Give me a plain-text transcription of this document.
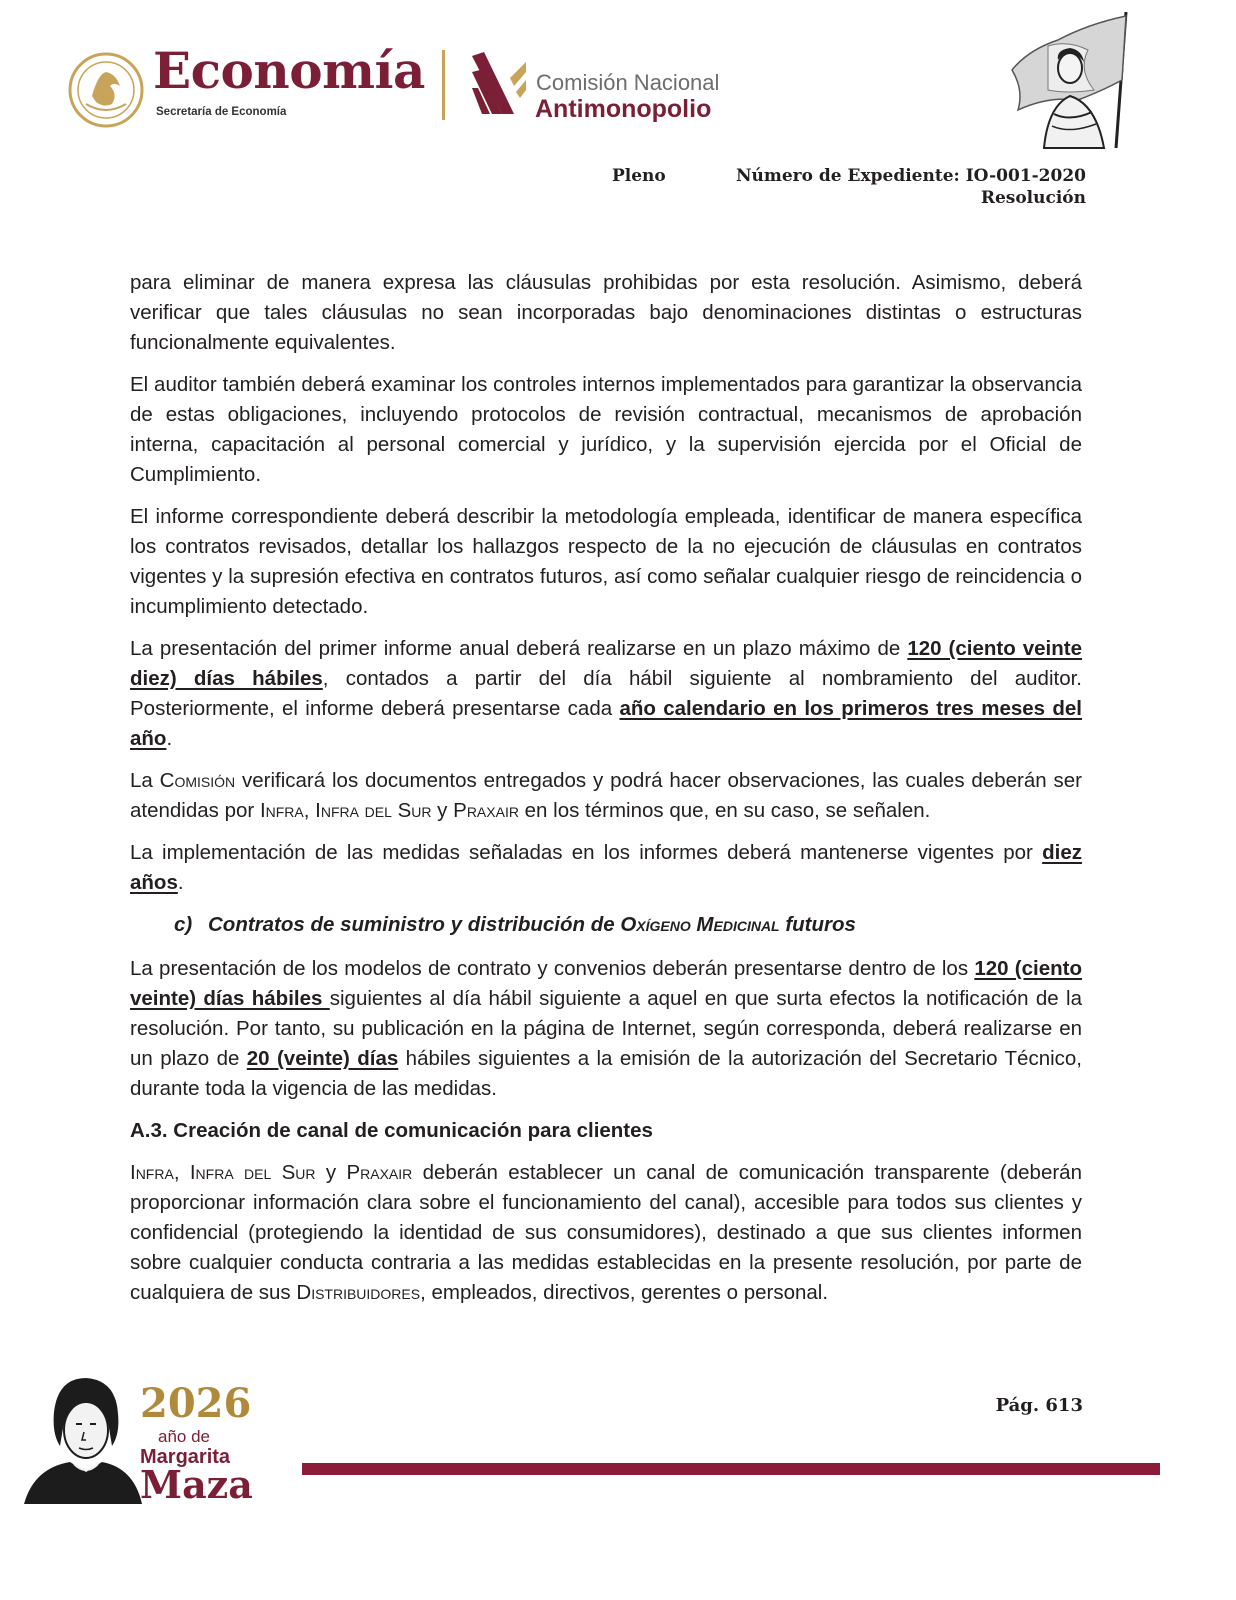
Economía
Secretaría de Economía
Comisión Nacional
Antimonopolio
Pleno	Número de Expediente: IO-001-2020
Resolución

para eliminar de manera expresa las cláusulas prohibidas por esta resolución. Asimismo, deberá verificar que tales cláusulas no sean incorporadas bajo denominaciones distintas o estructuras funcionalmente equivalentes.

El auditor también deberá examinar los controles internos implementados para garantizar la observancia de estas obligaciones, incluyendo protocolos de revisión contractual, mecanismos de aprobación interna, capacitación al personal comercial y jurídico, y la supervisión ejercida por el Oficial de Cumplimiento.

El informe correspondiente deberá describir la metodología empleada, identificar de manera específica los contratos revisados, detallar los hallazgos respecto de la no ejecución de cláusulas en contratos vigentes y la supresión efectiva en contratos futuros, así como señalar cualquier riesgo de reincidencia o incumplimiento detectado.

La presentación del primer informe anual deberá realizarse en un plazo máximo de 120 (ciento veinte diez) días hábiles, contados a partir del día hábil siguiente al nombramiento del auditor. Posteriormente, el informe deberá presentarse cada año calendario en los primeros tres meses del año.

La Comisión verificará los documentos entregados y podrá hacer observaciones, las cuales deberán ser atendidas por Infra, Infra del Sur y Praxair en los términos que, en su caso, se señalen.

La implementación de las medidas señaladas en los informes deberá mantenerse vigentes por diez años.

c) Contratos de suministro y distribución de Oxígeno Medicinal futuros

La presentación de los modelos de contrato y convenios deberán presentarse dentro de los 120 (ciento veinte) días hábiles siguientes al día hábil siguiente a aquel en que surta efectos la notificación de la resolución. Por tanto, su publicación en la página de Internet, según corresponda, deberá realizarse en un plazo de 20 (veinte) días hábiles siguientes a la emisión de la autorización del Secretario Técnico, durante toda la vigencia de las medidas.

A.3. Creación de canal de comunicación para clientes

Infra, Infra del Sur y Praxair deberán establecer un canal de comunicación transparente (deberán proporcionar información clara sobre el funcionamiento del canal), accesible para todos sus clientes y confidencial (protegiendo la identidad de sus consumidores), destinado a que sus clientes informen sobre cualquier conducta contraria a las medidas establecidas en la presente resolución, por parte de cualquiera de sus Distribuidores, empleados, directivos, gerentes o personal.

2026
año de
Margarita
Maza
Pág. 613
